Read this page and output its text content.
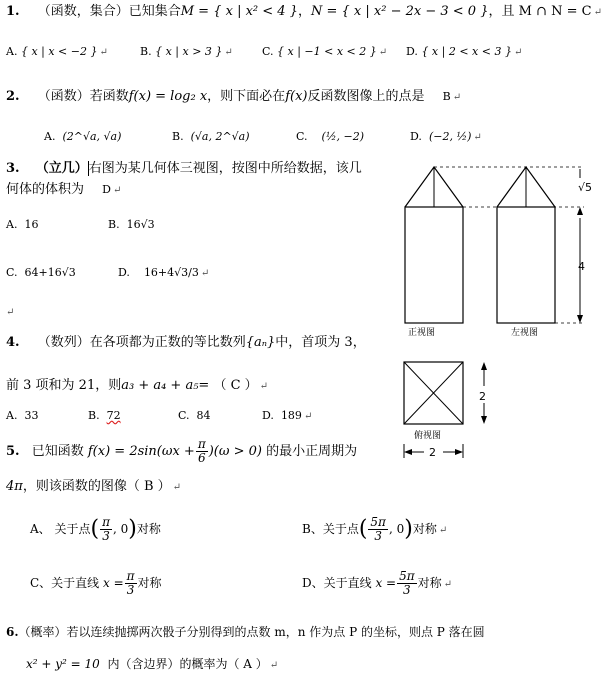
1. （函数，集合）已知集合M = { x | x² < 4 }，N = { x | x² − 2x − 3 < 0 }，且 M ∩ N = C ↵
A. { x | x < −2 } ↵	B. { x | x > 3 } ↵	C. { x | −1 < x < 2 } ↵ D. { x | 2 < x < 3 } ↵
2. （函数）若函数f(x) = log₂ x，则下面必在f(x)反函数图像上的点是 B ↵
A. (2^√a, √a)	B. (√a, 2^√a)	C. (½, −2)	D. (−2, ½) ↵
3. （立几）右图为某几何体三视图，按图中所给数据，该几
何体的体积为 D ↵
A. 16	B. 16√3
C. 64+16√3	D. 16+4√3/3 ↵
↵
√5
4
正视图	左视图
2
俯视图
2
4. （数列）在各项都为正数的等比数列{aₙ}中，首项为 3，
前 3 项和为 21，则a₃ + a₄ + a₅= （ C ） ↵
A. 33	B. 72	C. 84	D. 189 ↵
5. 已知函数 $f(x) = 2\sin(\omega x + \frac{\pi}{6} )(\omega > 0)$ 的最小正周期为
4π，则该函数的图像（ B ） ↵
A、 关于点( $\frac{\pi}{3}$ , 0)对称	B、关于点( $\frac{5\pi}{3}$ , 0)对称 ↵
C、关于直线 $x = \frac{\pi}{3}$ 对称	D、关于直线 $x = \frac{5\pi}{3}$ 对称 ↵
6.（概率）若以连续抛掷两次骰子分别得到的点数 m，n 作为点 P 的坐标，则点 P 落在圆
x² + y² = 10 内（含边界）的概率为（ A ） ↵
